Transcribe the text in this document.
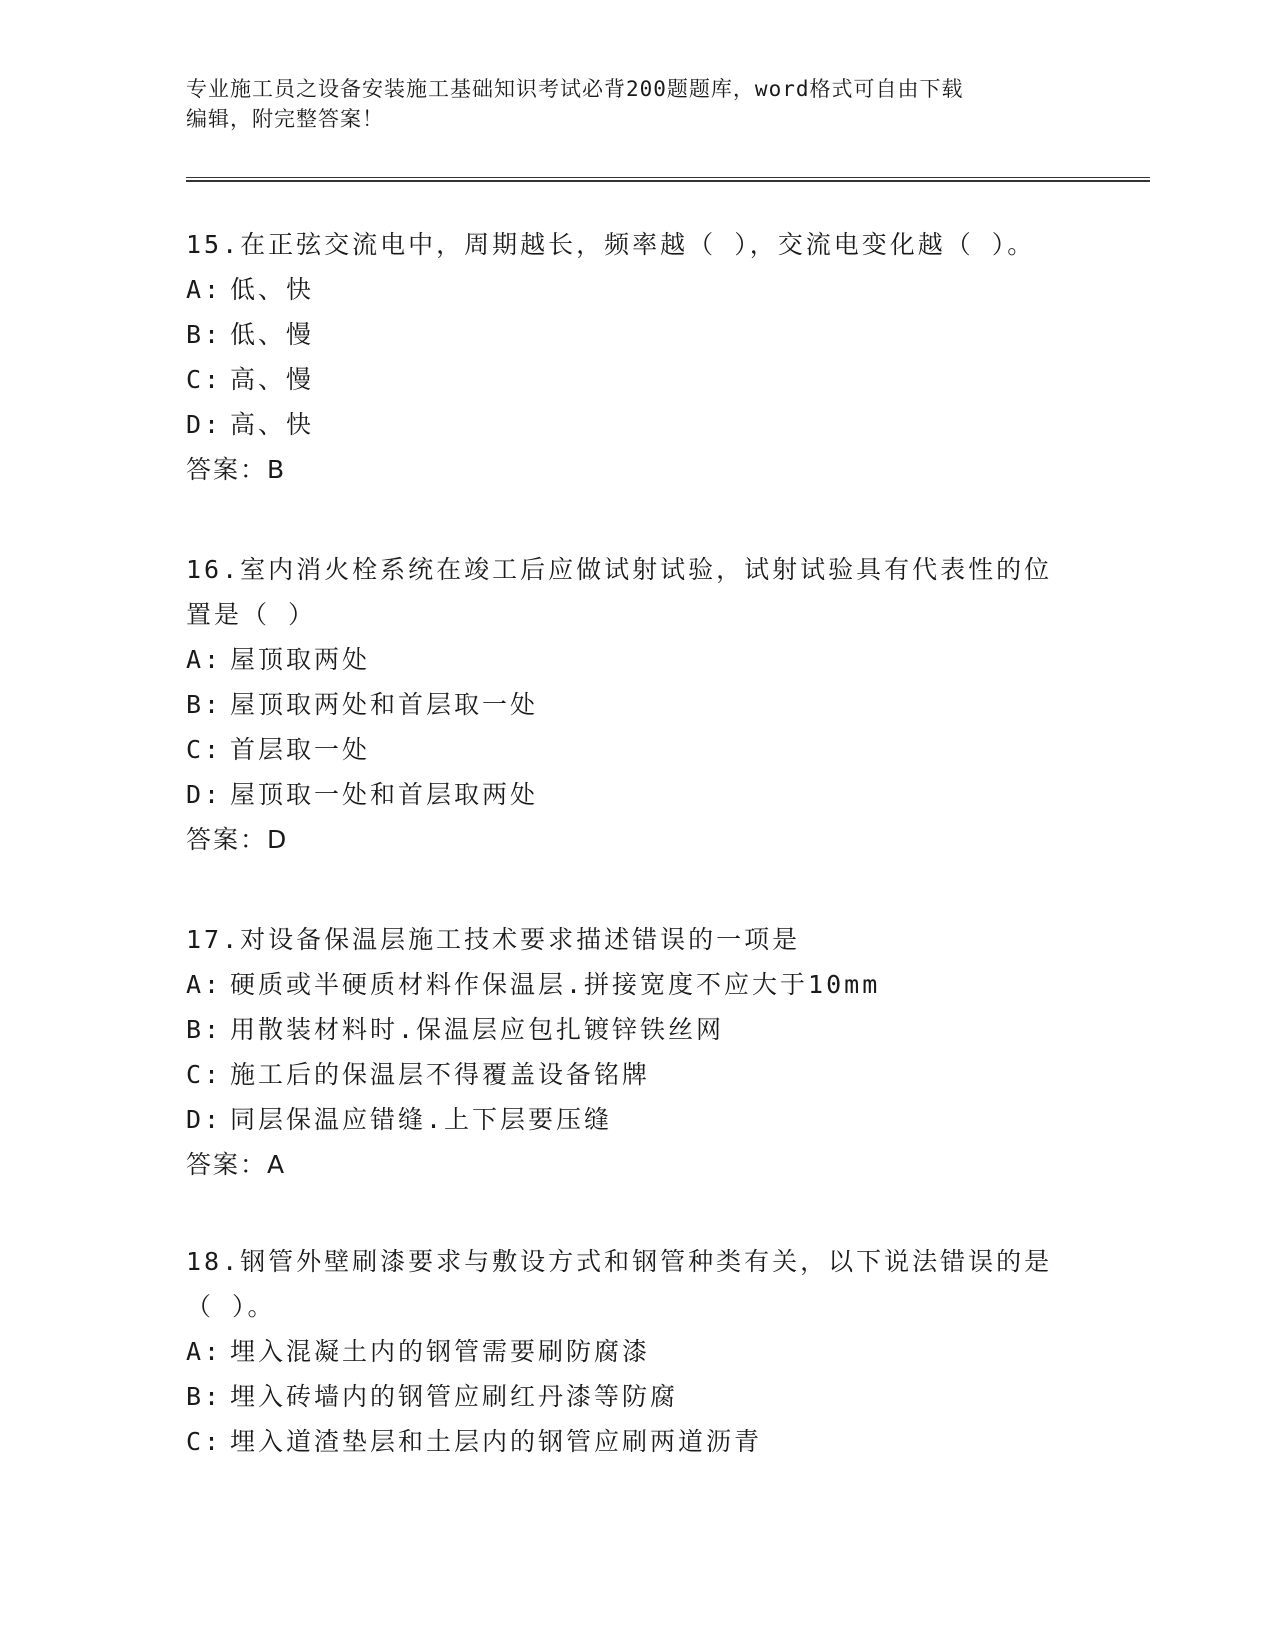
专业施工员之设备安装施工基础知识考试必背200题题库，word格式可自由下载
编辑，附完整答案！

15.在正弦交流电中，周期越长，频率越（ ），交流电变化越（ ）。

A: 低、快

B: 低、慢

C: 高、慢

D: 高、快

答案：B

16.室内消火栓系统在竣工后应做试射试验，试射试验具有代表性的位

置是（ ）

A: 屋顶取两处

B: 屋顶取两处和首层取一处

C: 首层取一处

D: 屋顶取一处和首层取两处

答案：D

17.对设备保温层施工技术要求描述错误的一项是

A: 硬质或半硬质材料作保温层.拼接宽度不应大于10mm

B: 用散装材料时.保温层应包扎镀锌铁丝网

C: 施工后的保温层不得覆盖设备铭牌

D: 同层保温应错缝.上下层要压缝

答案：A

18.钢管外壁刷漆要求与敷设方式和钢管种类有关，以下说法错误的是

（ ）。

A: 埋入混凝土内的钢管需要刷防腐漆

B: 埋入砖墙内的钢管应刷红丹漆等防腐

C: 埋入道渣垫层和土层内的钢管应刷两道沥青
